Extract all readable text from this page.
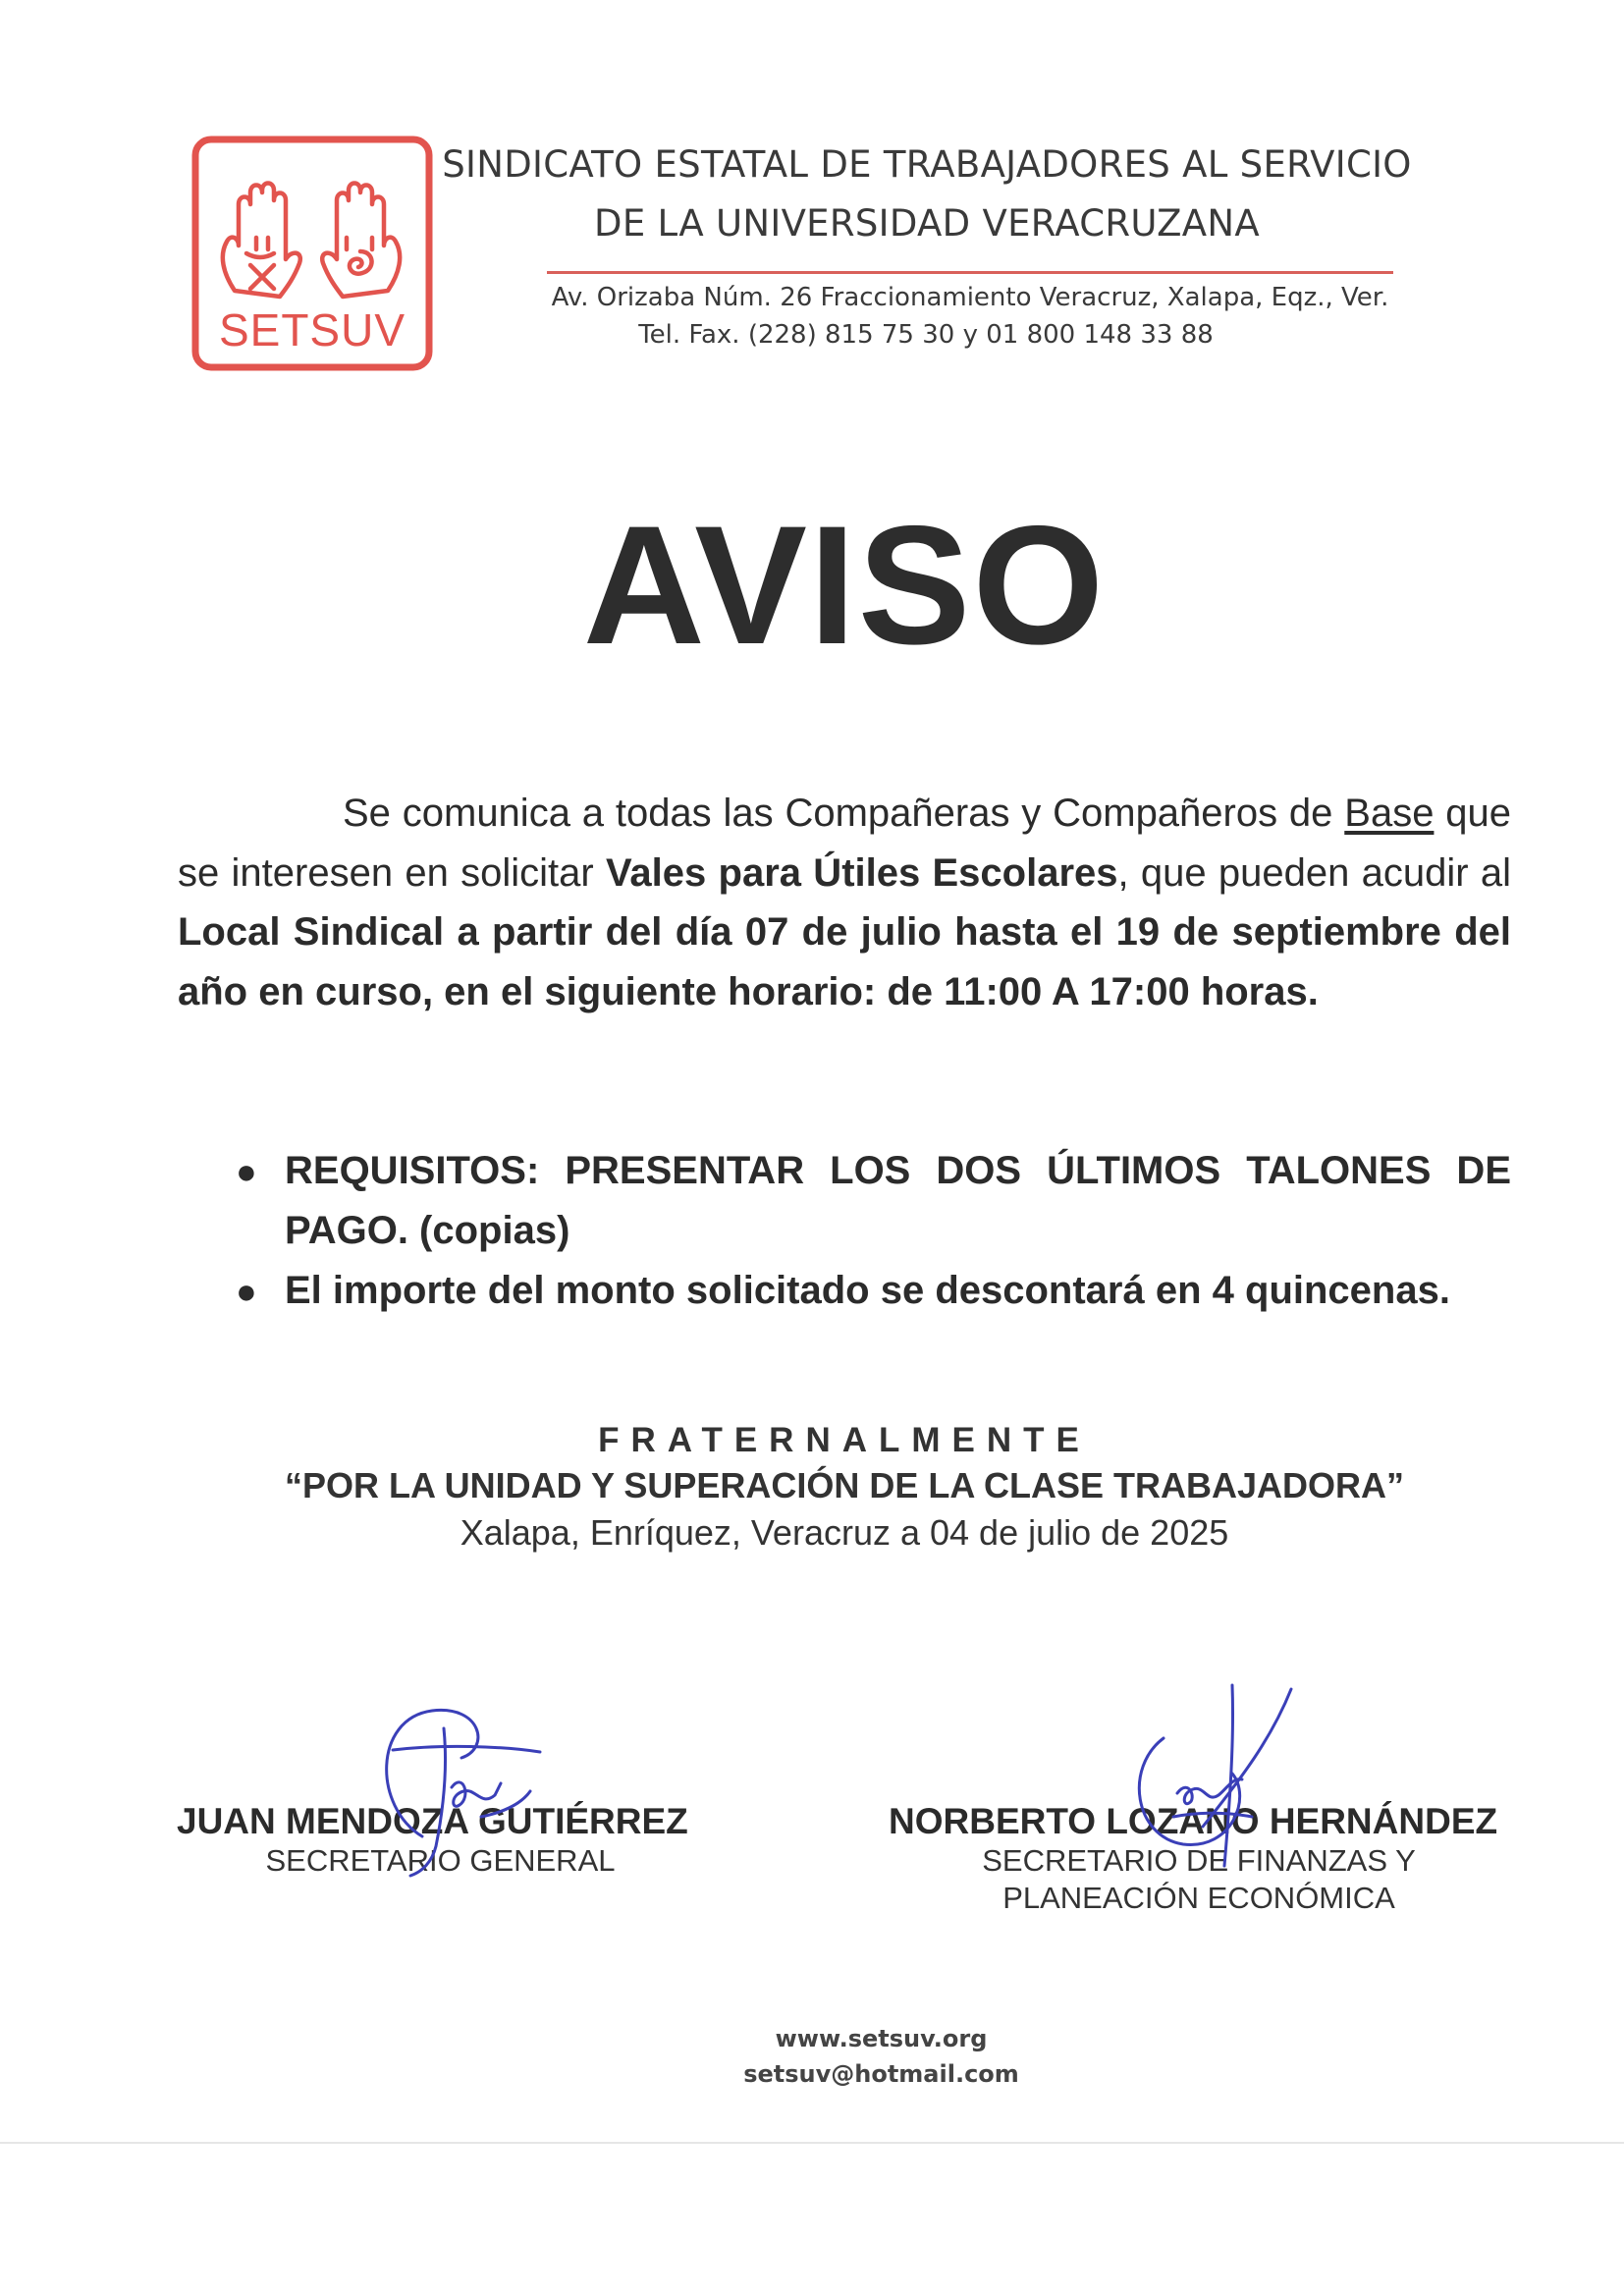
SETSUV
SINDICATO ESTATAL DE TRABAJADORES AL SERVICIO
DE LA UNIVERSIDAD VERACRUZANA
Av. Orizaba Núm. 26 Fraccionamiento Veracruz, Xalapa, Eqz., Ver.
Tel. Fax. (228) 815 75 30 y 01 800 148 33 88
AVISO
Se comunica a todas las Compañeras y Compañeros de Base que se interesen en solicitar Vales para Útiles Escolares, que pueden acudir al Local Sindical a partir del día 07 de julio hasta el 19 de septiembre del año en curso, en el siguiente horario: de 11:00 A 17:00 horas.
● REQUISITOS: PRESENTAR LOS DOS ÚLTIMOS TALONES DE PAGO. (copias)
● El importe del monto solicitado se descontará en 4 quincenas.
FRATERNALMENTE
“POR LA UNIDAD Y SUPERACIÓN DE LA CLASE TRABAJADORA”
Xalapa, Enríquez, Veracruz a 04 de julio de 2025
JUAN MENDOZA GUTIÉRREZ
SECRETARIO GENERAL
NORBERTO LOZANO HERNÁNDEZ
SECRETARIO DE FINANZAS Y
PLANEACIÓN ECONÓMICA
www.setsuv.org
setsuv@hotmail.com
